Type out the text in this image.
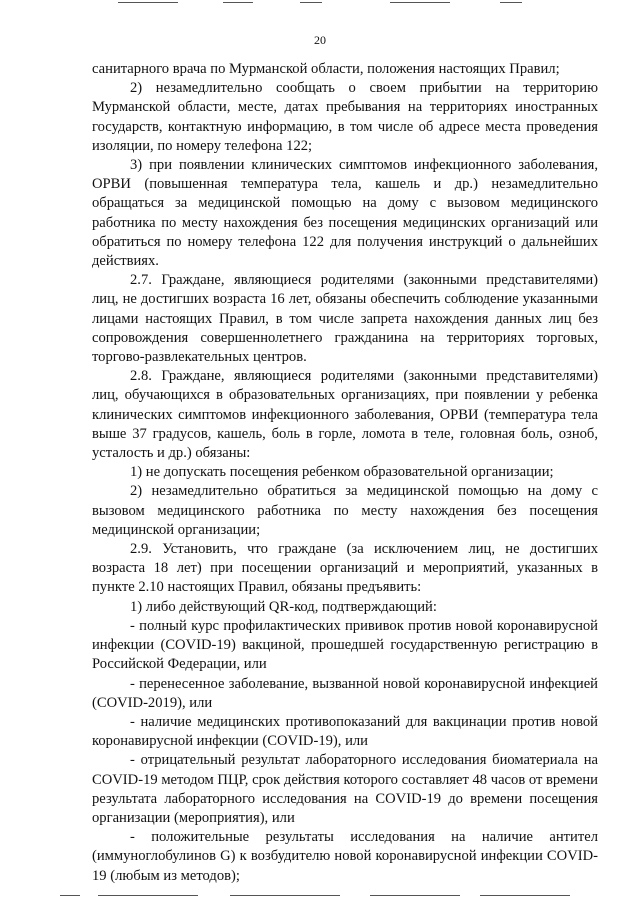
20

санитарного врача по Мурманской области, положения настоящих Правил;

2) незамедлительно сообщать о своем прибытии на территорию Мурманской области, месте, датах пребывания на территориях иностранных государств, контактную информацию, в том числе об адресе места проведения изоляции, по номеру телефона 122;

3) при появлении клинических симптомов инфекционного заболевания, ОРВИ (повышенная температура тела, кашель и др.) незамедлительно обращаться за медицинской помощью на дому с вызовом медицинского работника по месту нахождения без посещения медицинских организаций или обратиться по номеру телефона 122 для получения инструкций о дальнейших действиях.

2.7. Граждане, являющиеся родителями (законными представителями) лиц, не достигших возраста 16 лет, обязаны обеспечить соблюдение указанными лицами настоящих Правил, в том числе запрета нахождения данных лиц без сопровождения совершеннолетнего гражданина на территориях торговых, торгово-развлекательных центров.

2.8. Граждане, являющиеся родителями (законными представителями) лиц, обучающихся в образовательных организациях, при появлении у ребенка клинических симптомов инфекционного заболевания, ОРВИ (температура тела выше 37 градусов, кашель, боль в горле, ломота в теле, головная боль, озноб, усталость и др.) обязаны:

1) не допускать посещения ребенком образовательной организации;

2) незамедлительно обратиться за медицинской помощью на дому с вызовом медицинского работника по месту нахождения без посещения медицинской организации;

2.9. Установить, что граждане (за исключением лиц, не достигших возраста 18 лет) при посещении организаций и мероприятий, указанных в пункте 2.10 настоящих Правил, обязаны предъявить:

1) либо действующий QR-код, подтверждающий:

- полный курс профилактических прививок против новой коронавирусной инфекции (COVID-19) вакциной, прошедшей государственную регистрацию в Российской Федерации, или

- перенесенное заболевание, вызванной новой коронавирусной инфекцией (COVID-2019), или

- наличие медицинских противопоказаний для вакцинации против новой коронавирусной инфекции (COVID-19), или

- отрицательный результат лабораторного исследования биоматериала на COVID-19 методом ПЦР, срок действия которого составляет 48 часов от времени результата лабораторного исследования на COVID-19 до времени посещения организации (мероприятия), или

- положительные результаты исследования на наличие антител (иммуноглобулинов G) к возбудителю новой коронавирусной инфекции COVID-19 (любым из методов);
